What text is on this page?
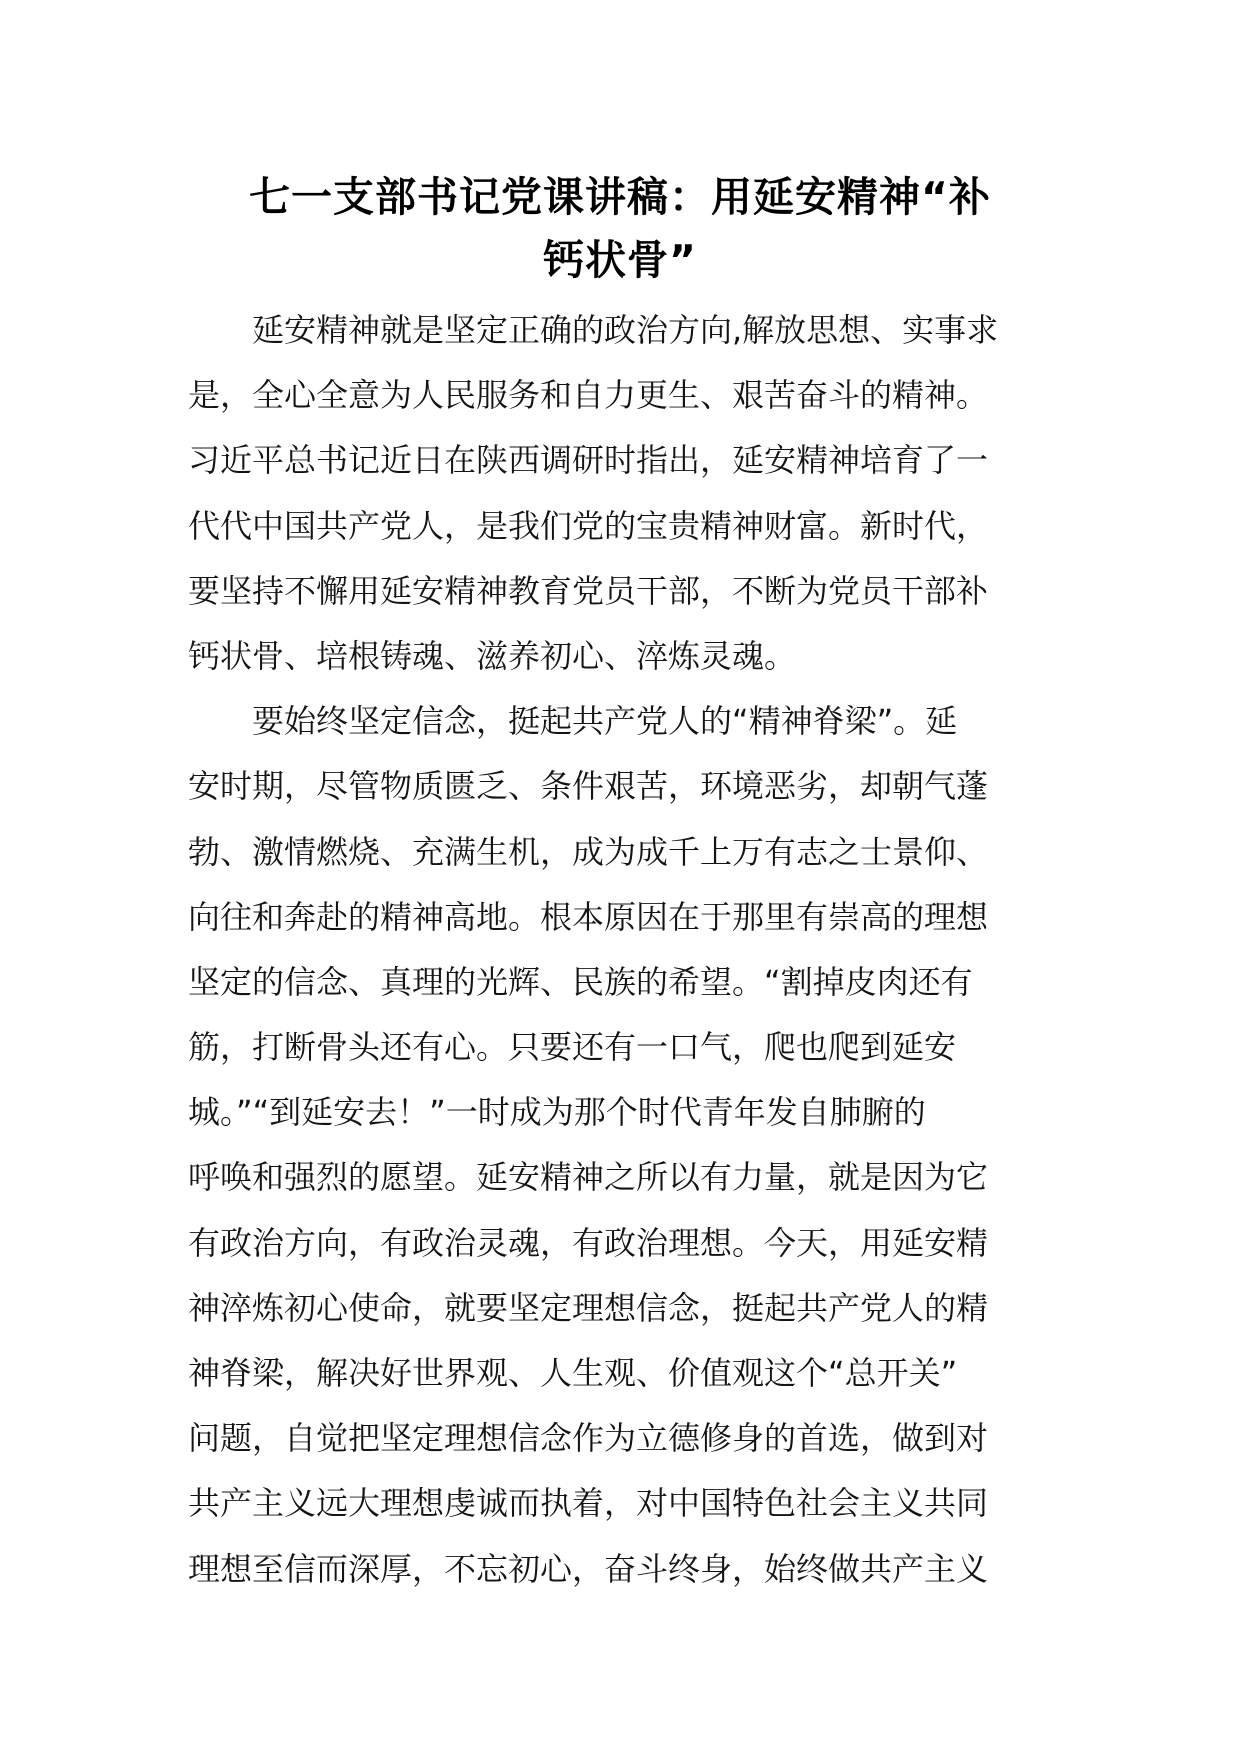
七一支部书记党课讲稿：用延安精神“补
钙状骨”
延安精神就是坚定正确的政治方向,解放思想、实事求
是，全心全意为人民服务和自力更生、艰苦奋斗的精神。
习近平总书记近日在陕西调研时指出，延安精神培育了一
代代中国共产党人，是我们党的宝贵精神财富。新时代，
要坚持不懈用延安精神教育党员干部，不断为党员干部补
钙状骨、培根铸魂、滋养初心、淬炼灵魂。
要始终坚定信念，挺起共产党人的“精神脊梁”。延
安时期，尽管物质匮乏、条件艰苦，环境恶劣，却朝气蓬
勃、激情燃烧、充满生机，成为成千上万有志之士景仰、
向往和奔赴的精神高地。根本原因在于那里有崇高的理想
坚定的信念、真理的光辉、民族的希望。“割掉皮肉还有
筋，打断骨头还有心。只要还有一口气，爬也爬到延安
城。”“到延安去！”一时成为那个时代青年发自肺腑的
呼唤和强烈的愿望。延安精神之所以有力量，就是因为它
有政治方向，有政治灵魂，有政治理想。今天，用延安精
神淬炼初心使命，就要坚定理想信念，挺起共产党人的精
神脊梁，解决好世界观、人生观、价值观这个“总开关”
问题，自觉把坚定理想信念作为立德修身的首选，做到对
共产主义远大理想虔诚而执着，对中国特色社会主义共同
理想至信而深厚，不忘初心，奋斗终身，始终做共产主义
